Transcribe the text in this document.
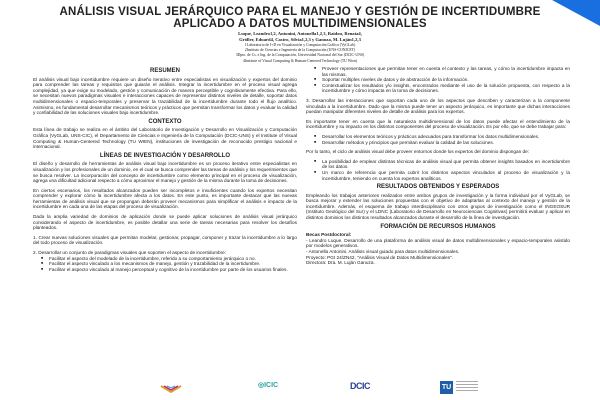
ANÁLISIS VISUAL JERÁRQUICO PARA EL MANEJO Y GESTIÓN DE INCERTIDUMBRE APLICADO A DATOS MULTIDIMENSIONALES
Luque, Leandro1,2, Antonini, Antonella1,2,3, Raidou, Renata4,
Gröller, Eduard4, Castro, Silvia1,2,3 y Ganuza, M. Luján1,2,3
1Laboratorio de I+D en Visualización y Computación Gráfica (VyGLab)
2Instituto de Ciencias e Ingeniería de la Computación (UNS-CONICET)
3Dpto. de Cs. e Ing. de la Computación, Universidad Nacional del Sur (DCIC-UNS)
4Institute of Visual Computing & Human-Centered Technology (TU Wien)
RESUMEN

El análisis visual bajo incertidumbre requiere un diseño iterativo entre especialistas en visualización y expertos del dominio para comprender las tareas y requisitos que guiarán el análisis. Integrar la incertidumbre en el proceso visual agrega complejidad, ya que exige su modelado, gestión y comunicación de manera perceptible y cognitivamente efectiva. Para ello, se necesitan nuevos paradigmas visuales e interacciones capaces de representar distintos niveles de detalle, soportar datos multidimensionales o espacio-temporales y preservar la trazabilidad de la incertidumbre durante todo el flujo analítico. Asimismo, es fundamental desarrollar mecanismos teóricos y prácticos que permitan transformar los datos y evaluar la calidad y confiabilidad de las soluciones visuales bajo incertidumbre.

CONTEXTO

Esta línea de trabajo se realiza en el ámbito del Laboratorio de Investigación y Desarrollo en Visualización y Computación Gráfica (VyGLab, UNS-CIC), el Departamento de Ciencias e Ingeniería de la Computación (DCIC-UNS) y el Institute of Visual Computing & Human-Centered Technology (TU WIEN), instituciones de investigación de reconocido prestigio nacional e internacional.

LÍNEAS DE INVESTIGACIÓN Y DESARROLLO

El diseño y desarrollo de herramientas de análisis visual bajo incertidumbre es un proceso iterativo entre especialistas en visualización y los profesionales de un dominio, en el cual se busca comprender las tareas de análisis y los requerimientos que se busca resolver. La incorporación del concepto de incertidumbre como elemento principal en el proceso de visualización, agrega una dificultad adicional respecto a cómo aproximar el manejo y gestión de la misma durante la toma de decisiones.

En ciertos escenarios, los resultados alcanzados pueden ser incompletos e insuficientes cuando los expertos necesitan comprender y explorar cómo la incertidumbre afecta a los datos. En este punto, es importante destacar que las nuevas herramientas de análisis visual que se propongan deberán proveer mecanismos para simplificar el análisis e impacto de la incertidumbre en cada una de las etapas del proceso de visualización.

Dada la amplia variedad de dominios de aplicación donde se puede aplicar soluciones de análisis visual jerárquico considerando el aspecto de incertidumbre, es posible detallar una serie de tareas necesarias para resolver los desafíos planteados.

1. Crear nuevas soluciones visuales que permitan modelar, gestionar, propagar, componer y trazar la incertidumbre a lo largo del todo proceso de visualización.

2. Desarrollar un conjunto de paradigmas visuales que soporten el aspecto de incertidumbre:

■ Facilitar el aspecto del modelado de la incertidumbre, referido a su comportamiento jerárquico o no.
■ Facilitar el aspecto vinculado a los mecanismos de manejo, gestión y trazabilidad de la incertidumbre.
■ Facilitar el aspecto vinculado al manejo perceptual y cognitivo de la incertidumbre por parte de los usuarios finales.
■ Proveer representaciones que permitan tener en cuenta el contexto y las tareas, y cómo la incertidumbre impacta en las mismas.
■ Soportar múltiples niveles de datos y de abstracción de la información.
■ Contextualizar los resultados y/o insights, encontrados mediante el uso de la solución propuesta, con respecto a la incertidumbre y cómo impacta en la toma de decisiones.

3. Desarrollar las interacciones que soportan cada uno de los aspectos que describen y caracterizan a la componente vinculada a la incertidumbre. Dado que la misma puede tener un aspecto jerárquico, es importante que dichas interacciones puedan manipular diferentes niveles de detalle de análisis para los expertos.

Es importante tener en cuenta que la naturaleza multidimensional de los datos puede afectar el entendimiento de la incertidumbre y su impacto en los distintos componentes del proceso de visualización. Es por ello, que se debe trabajar para:

■ Desarrollar los elementos teóricos y prácticos adecuados para transformar los datos multidimensionales.
■ Desarrollar métodos y principios que permitan evaluar la calidad de las soluciones.

Por lo tanto, el ciclo de análisis visual debe proveer entornos donde los expertos del dominio dispongan de:

■ La posibilidad de emplear distintas técnicas de análisis visual que permita obtener insights basados en incertidumbre de los datos.
■ Un marco de referencia que permita cubrir los distintos aspectos vinculados al proceso de visualización y la incertidumbre, teniendo en cuenta los expertos analíticos.
RESULTADOS OBTENIDOS Y ESPERADOS

Empleando los trabajos anteriores realizados entre ambos grupos de investigación y la forma individual por el VyGLab, se busca mejorar y extender las soluciones propuestas con el objetivo de adaptarlas al contexto del manejo y gestión de la incertidumbre. Además, el esquema de trabajo interdisciplinario con otros grupos de investigación como el INGEOSUR (Instituto Geológico del Sur) y el LDNC (Laboratorio de Desarrollo en Neurociencias Cognitivas) permitirá evaluar y aplicar en distintos dominios los distintos resultados alcanzados durante el desarrollo de la línea de investigación.

FORMACIÓN DE RECURSOS HUMANOS
Becas Postdoctoral:
- Leandro Luque. Desarrollo de una plataforma de análisis visual de datos multidimensionales y espacio-temporales asistido por modelos generativos.
- Antonella Antonini. Análisis visual guiado para datos multidimensionales.
Proyecto: PGI 24/ZN42, "Análisis Visual de Datos Multidimensionales".
Directora: Dra. M. Luján Ganuza.
◎ICIC	DCIC	TU
